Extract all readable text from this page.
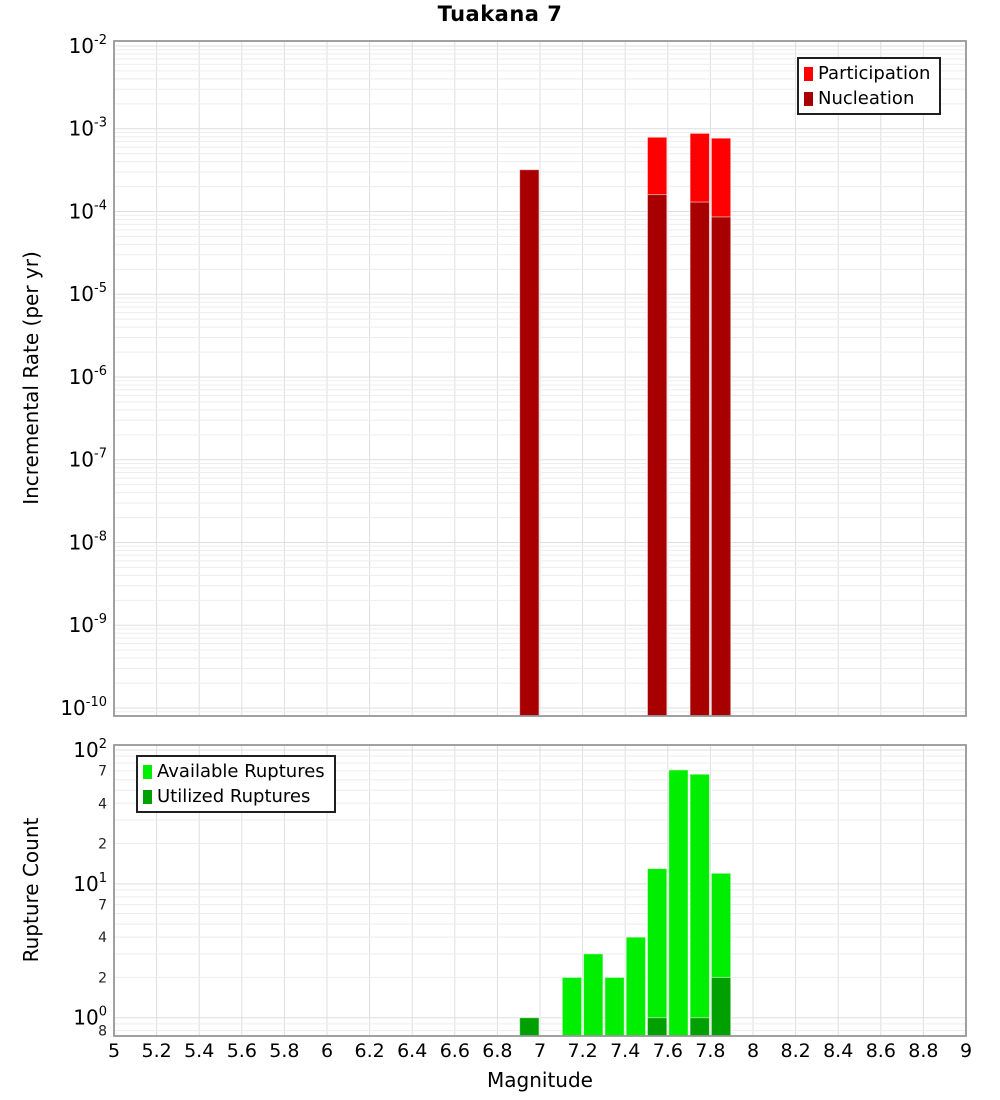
$10^{-2}$
$10^{-3}$
$10^{-4}$
$10^{-5}$
$10^{-6}$
$10^{-7}$
$10^{-8}$
$10^{-9}$
$10^{-10}$
$10^2$
$10^1$
$10^0$
7
4
2
7
4
2
8
5 5.2 5.4 5.6 5.8 6 6.2 6.4 6.6 6.8 7 7.2 7.4 7.6 7.8 8 8.2 8.4 8.6 8.8 9
Tuakana 7
Incremental Rate (per yr)
Rupture Count
Magnitude
Participation
Nucleation
Available Ruptures
Utilized Ruptures
